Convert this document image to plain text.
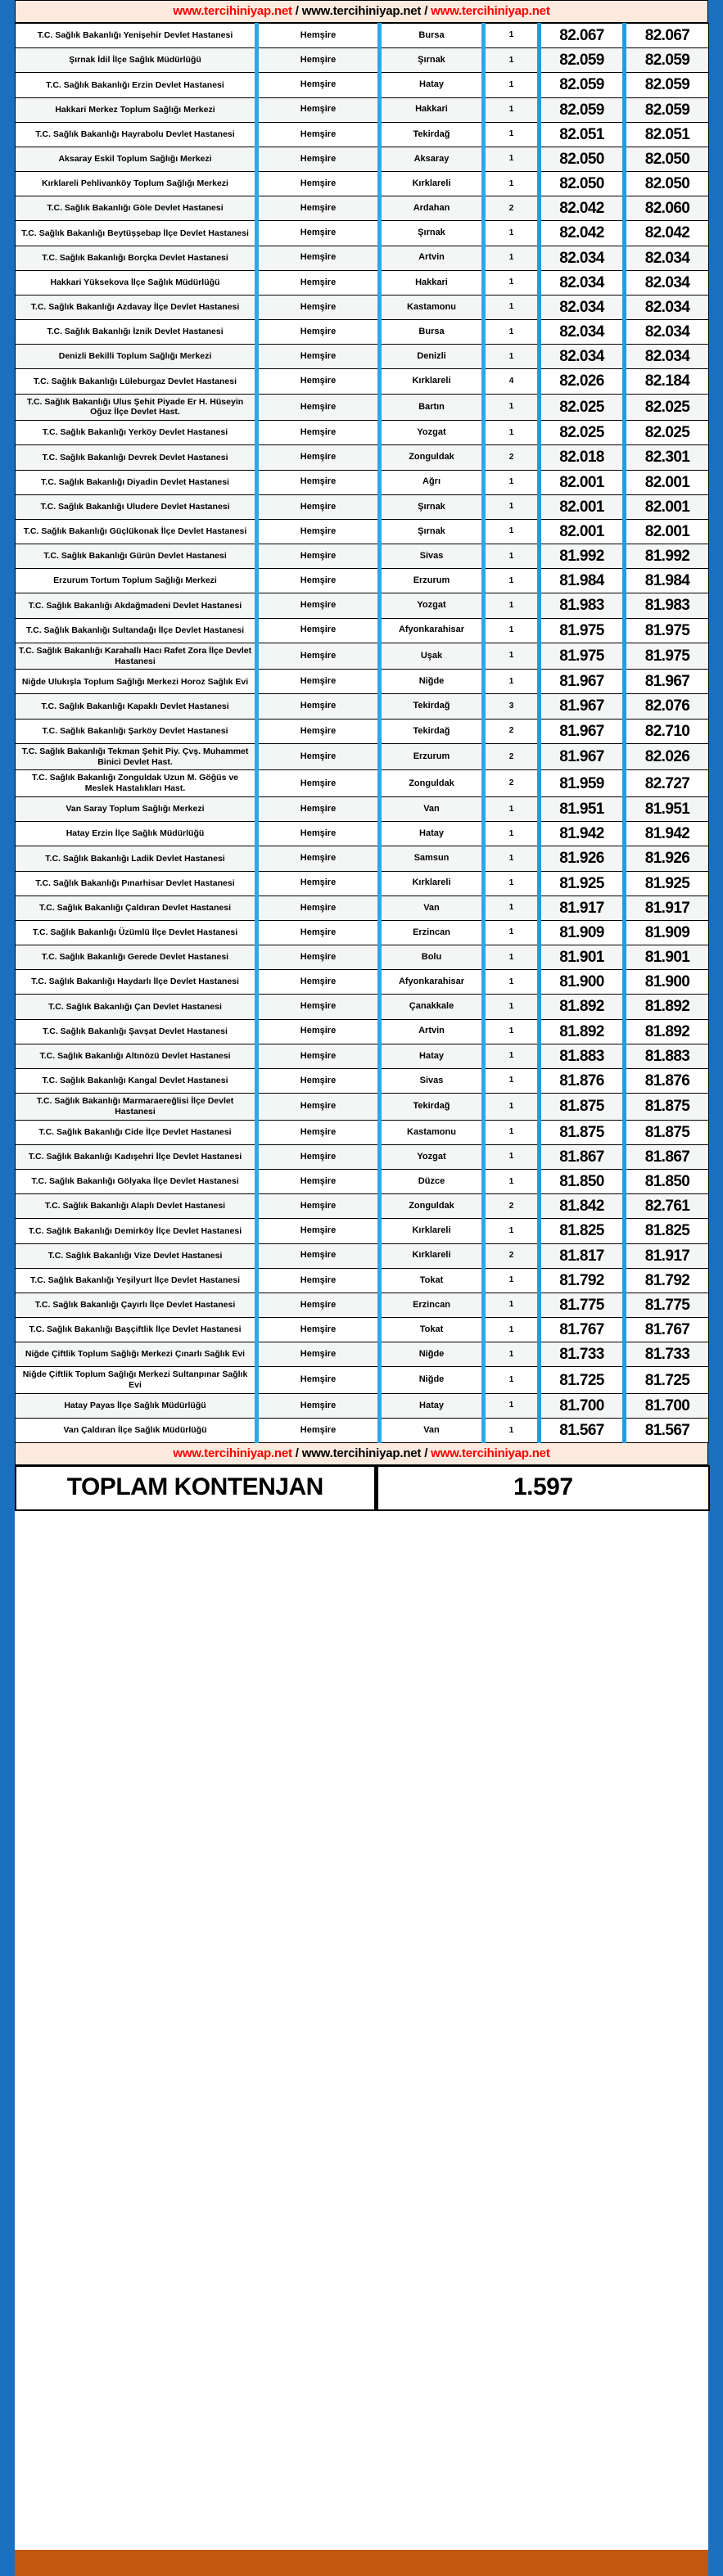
www.tercihiniyap.net / www.tercihiniyap.net / www.tercihiniyap.net
T.C. Sağlık Bakanlığı Yenişehir Devlet Hastanesi	Hemşire	Bursa	1	82.067	82.067
Şırnak İdil İlçe Sağlık Müdürlüğü	Hemşire	Şırnak	1	82.059	82.059
T.C. Sağlık Bakanlığı Erzin Devlet Hastanesi	Hemşire	Hatay	1	82.059	82.059
Hakkari Merkez Toplum Sağlığı Merkezi	Hemşire	Hakkari	1	82.059	82.059
T.C. Sağlık Bakanlığı Hayrabolu Devlet Hastanesi	Hemşire	Tekirdağ	1	82.051	82.051
Aksaray Eskil Toplum Sağlığı Merkezi	Hemşire	Aksaray	1	82.050	82.050
Kırklareli Pehlivanköy Toplum Sağlığı Merkezi	Hemşire	Kırklareli	1	82.050	82.050
T.C. Sağlık Bakanlığı Göle Devlet Hastanesi	Hemşire	Ardahan	2	82.042	82.060
T.C. Sağlık Bakanlığı Beytüşşebap İlçe Devlet Hastanesi	Hemşire	Şırnak	1	82.042	82.042
T.C. Sağlık Bakanlığı Borçka Devlet Hastanesi	Hemşire	Artvin	1	82.034	82.034
Hakkari Yüksekova İlçe Sağlık Müdürlüğü	Hemşire	Hakkari	1	82.034	82.034
T.C. Sağlık Bakanlığı Azdavay İlçe Devlet Hastanesi	Hemşire	Kastamonu	1	82.034	82.034
T.C. Sağlık Bakanlığı İznik Devlet Hastanesi	Hemşire	Bursa	1	82.034	82.034
Denizli Bekilli Toplum Sağlığı Merkezi	Hemşire	Denizli	1	82.034	82.034
T.C. Sağlık Bakanlığı Lüleburgaz Devlet Hastanesi	Hemşire	Kırklareli	4	82.026	82.184
T.C. Sağlık Bakanlığı Ulus Şehit Piyade Er H. Hüseyin Oğuz İlçe Devlet Hast.	Hemşire	Bartın	1	82.025	82.025
T.C. Sağlık Bakanlığı Yerköy Devlet Hastanesi	Hemşire	Yozgat	1	82.025	82.025
T.C. Sağlık Bakanlığı Devrek Devlet Hastanesi	Hemşire	Zonguldak	2	82.018	82.301
T.C. Sağlık Bakanlığı Diyadin Devlet Hastanesi	Hemşire	Ağrı	1	82.001	82.001
T.C. Sağlık Bakanlığı Uludere Devlet Hastanesi	Hemşire	Şırnak	1	82.001	82.001
T.C. Sağlık Bakanlığı Güçlükonak İlçe Devlet Hastanesi	Hemşire	Şırnak	1	82.001	82.001
T.C. Sağlık Bakanlığı Gürün Devlet Hastanesi	Hemşire	Sivas	1	81.992	81.992
Erzurum Tortum Toplum Sağlığı Merkezi	Hemşire	Erzurum	1	81.984	81.984
T.C. Sağlık Bakanlığı Akdağmadeni Devlet Hastanesi	Hemşire	Yozgat	1	81.983	81.983
T.C. Sağlık Bakanlığı Sultandağı İlçe Devlet Hastanesi	Hemşire	Afyonkarahisar	1	81.975	81.975
T.C. Sağlık Bakanlığı Karahallı Hacı Rafet Zora İlçe Devlet Hastanesi	Hemşire	Uşak	1	81.975	81.975
Niğde Ulukışla Toplum Sağlığı Merkezi Horoz Sağlık Evi	Hemşire	Niğde	1	81.967	81.967
T.C. Sağlık Bakanlığı Kapaklı Devlet Hastanesi	Hemşire	Tekirdağ	3	81.967	82.076
T.C. Sağlık Bakanlığı Şarköy Devlet Hastanesi	Hemşire	Tekirdağ	2	81.967	82.710
T.C. Sağlık Bakanlığı Tekman Şehit Piy. Çvş. Muhammet Binici Devlet Hast.	Hemşire	Erzurum	2	81.967	82.026
T.C. Sağlık Bakanlığı Zonguldak Uzun M. Göğüs ve Meslek Hastalıkları Hast.	Hemşire	Zonguldak	2	81.959	82.727
Van Saray Toplum Sağlığı Merkezi	Hemşire	Van	1	81.951	81.951
Hatay Erzin İlçe Sağlık Müdürlüğü	Hemşire	Hatay	1	81.942	81.942
T.C. Sağlık Bakanlığı Ladik Devlet Hastanesi	Hemşire	Samsun	1	81.926	81.926
T.C. Sağlık Bakanlığı Pınarhisar Devlet Hastanesi	Hemşire	Kırklareli	1	81.925	81.925
T.C. Sağlık Bakanlığı Çaldıran Devlet Hastanesi	Hemşire	Van	1	81.917	81.917
T.C. Sağlık Bakanlığı Üzümlü İlçe Devlet Hastanesi	Hemşire	Erzincan	1	81.909	81.909
T.C. Sağlık Bakanlığı Gerede Devlet Hastanesi	Hemşire	Bolu	1	81.901	81.901
T.C. Sağlık Bakanlığı Haydarlı İlçe Devlet Hastanesi	Hemşire	Afyonkarahisar	1	81.900	81.900
T.C. Sağlık Bakanlığı Çan Devlet Hastanesi	Hemşire	Çanakkale	1	81.892	81.892
T.C. Sağlık Bakanlığı Şavşat Devlet Hastanesi	Hemşire	Artvin	1	81.892	81.892
T.C. Sağlık Bakanlığı Altınözü Devlet Hastanesi	Hemşire	Hatay	1	81.883	81.883
T.C. Sağlık Bakanlığı Kangal Devlet Hastanesi	Hemşire	Sivas	1	81.876	81.876
T.C. Sağlık Bakanlığı Marmaraereğlisi İlçe Devlet Hastanesi	Hemşire	Tekirdağ	1	81.875	81.875
T.C. Sağlık Bakanlığı Cide İlçe Devlet Hastanesi	Hemşire	Kastamonu	1	81.875	81.875
T.C. Sağlık Bakanlığı Kadışehri İlçe Devlet Hastanesi	Hemşire	Yozgat	1	81.867	81.867
T.C. Sağlık Bakanlığı Gölyaka İlçe Devlet Hastanesi	Hemşire	Düzce	1	81.850	81.850
T.C. Sağlık Bakanlığı Alaplı Devlet Hastanesi	Hemşire	Zonguldak	2	81.842	82.761
T.C. Sağlık Bakanlığı Demirköy İlçe Devlet Hastanesi	Hemşire	Kırklareli	1	81.825	81.825
T.C. Sağlık Bakanlığı Vize Devlet Hastanesi	Hemşire	Kırklareli	2	81.817	81.917
T.C. Sağlık Bakanlığı Yeşilyurt İlçe Devlet Hastanesi	Hemşire	Tokat	1	81.792	81.792
T.C. Sağlık Bakanlığı Çayırlı İlçe Devlet Hastanesi	Hemşire	Erzincan	1	81.775	81.775
T.C. Sağlık Bakanlığı Başçiftlik İlçe Devlet Hastanesi	Hemşire	Tokat	1	81.767	81.767
Niğde Çiftlik Toplum Sağlığı Merkezi Çınarlı Sağlık Evi	Hemşire	Niğde	1	81.733	81.733
Niğde Çiftlik Toplum Sağlığı Merkezi Sultanpınar Sağlık Evi	Hemşire	Niğde	1	81.725	81.725
Hatay Payas İlçe Sağlık Müdürlüğü	Hemşire	Hatay	1	81.700	81.700
Van Çaldıran İlçe Sağlık Müdürlüğü	Hemşire	Van	1	81.567	81.567
www.tercihiniyap.net / www.tercihiniyap.net / www.tercihiniyap.net
TOPLAM KONTENJAN	1.597
